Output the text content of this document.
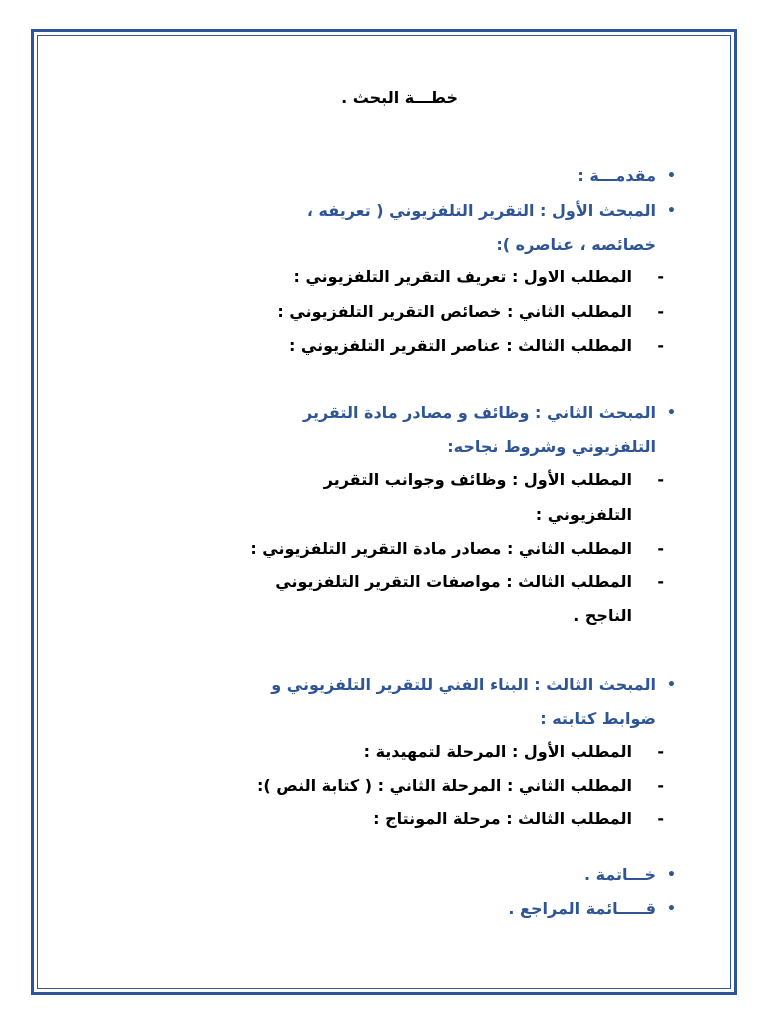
خطـــة البحث .
•
مقدمـــة :
•
المبحث الأول : التقرير التلفزيوني ( تعريفه ،
خصائصه ، عناصره ):
-
المطلب الاول : تعريف التقرير التلفزيوني :
-
المطلب الثاني : خصائص التقرير التلفزيوني :
-
المطلب الثالث : عناصر التقرير التلفزيوني :
•
المبحث الثاني : وظائف و مصادر مادة التقرير
التلفزيوني وشروط نجاحه:
-
المطلب الأول : وظائف وجوانب التقرير
التلفزيوني :
-
المطلب الثاني : مصادر مادة التقرير التلفزيوني :
-
المطلب الثالث : مواصفات التقرير التلفزيوني
الناجح .
•
المبحث الثالث : البناء الفني للتقرير التلفزيوني و
ضوابط كتابته :
-
المطلب الأول : المرحلة لتمهيدية :
-
المطلب الثاني : المرحلة الثاني : ( كتابة النص ):
-
المطلب الثالث : مرحلة المونتاج :
•
خـــاتمة .
•
قـــــائمة المراجع .
